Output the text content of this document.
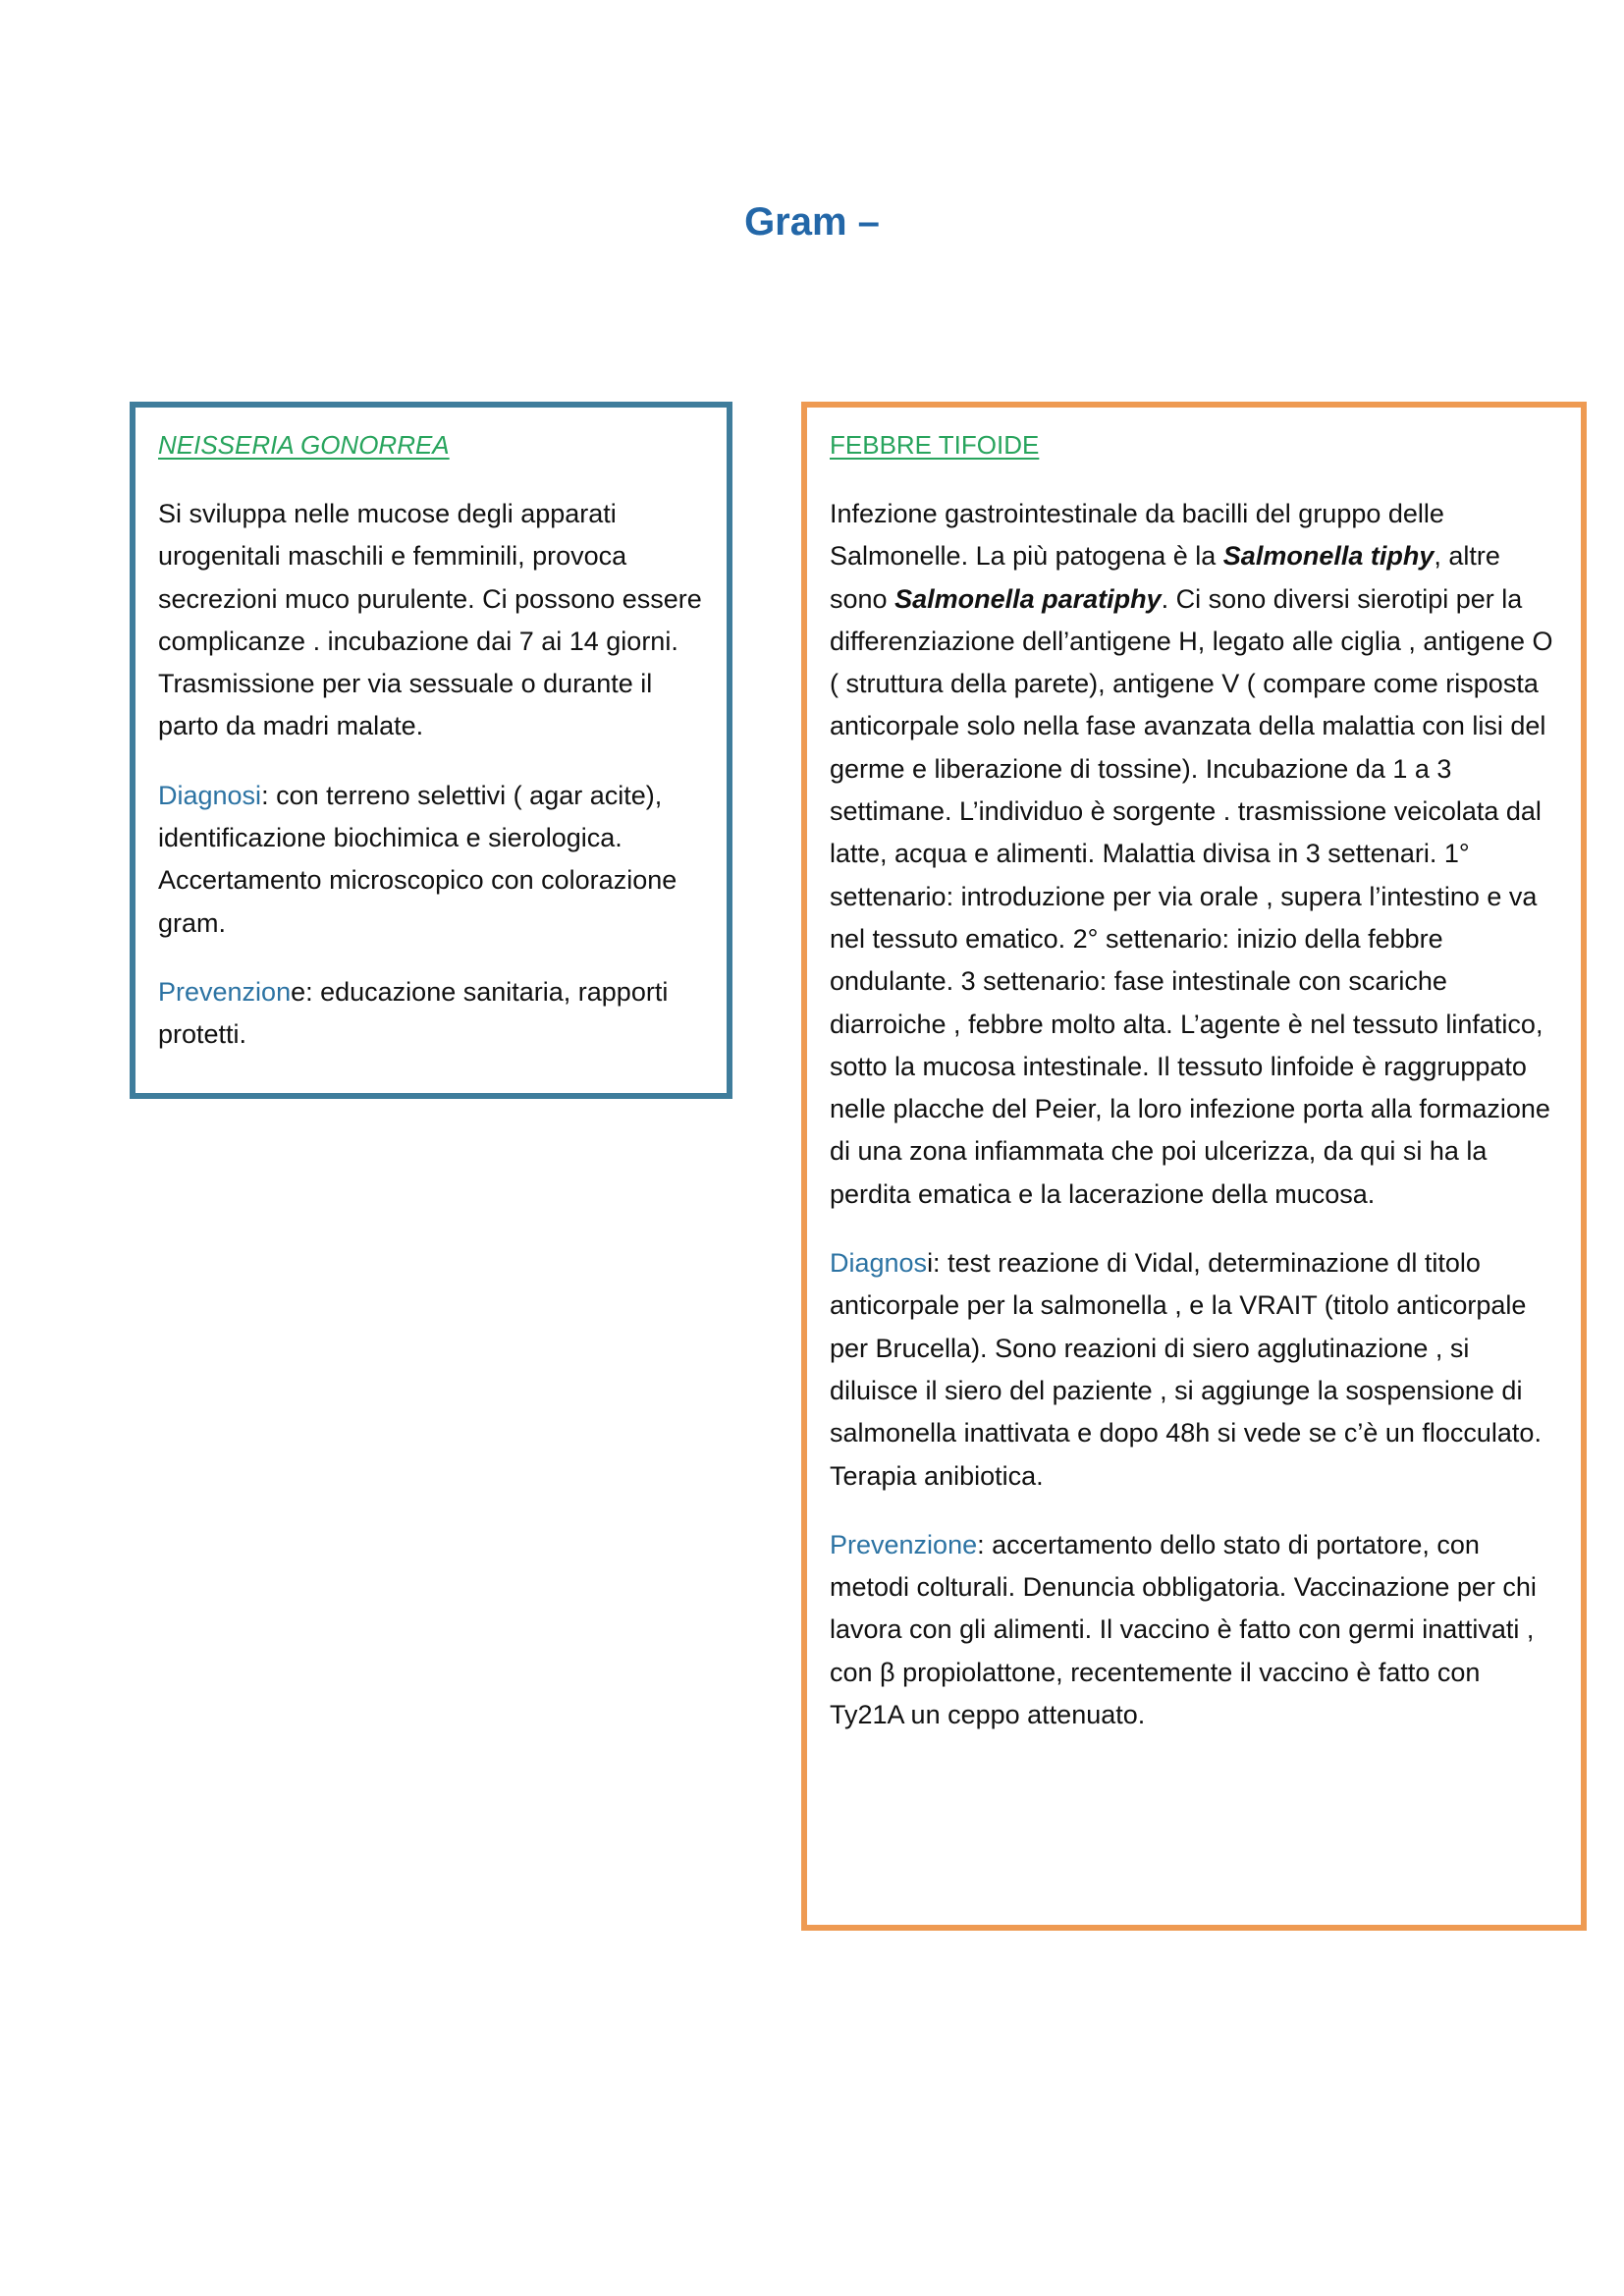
Gram –
NEISSERIA GONORREA

Si sviluppa nelle mucose degli apparati urogenitali maschili e femminili, provoca secrezioni muco purulente. Ci possono essere complicanze . incubazione dai 7 ai 14 giorni. Trasmissione per via sessuale o durante il parto da madri malate.

Diagnosi: con terreno selettivi ( agar acite), identificazione biochimica e sierologica. Accertamento microscopico con colorazione gram.

Prevenzione: educazione sanitaria, rapporti protetti.

FEBBRE TIFOIDE

Infezione gastrointestinale da bacilli del gruppo delle Salmonelle. La più patogena è la Salmonella tiphy, altre sono Salmonella paratiphy. Ci sono diversi sierotipi per la differenziazione dell’antigene H, legato alle ciglia , antigene O ( struttura della parete), antigene V ( compare come risposta anticorpale solo nella fase avanzata della malattia con lisi del germe e liberazione di tossine). Incubazione da 1 a 3 settimane. L’individuo è sorgente . trasmissione veicolata dal latte, acqua e alimenti. Malattia divisa in 3 settenari. 1° settenario: introduzione per via orale , supera l’intestino e va nel tessuto ematico. 2° settenario: inizio della febbre ondulante. 3 settenario: fase intestinale con scariche diarroiche , febbre molto alta. L’agente è nel tessuto linfatico, sotto la mucosa intestinale. Il tessuto linfoide è raggruppato nelle placche del Peier, la loro infezione porta alla formazione di una zona infiammata che poi ulcerizza, da qui si ha la perdita ematica e la lacerazione della mucosa.

Diagnosi: test reazione di Vidal, determinazione dl titolo anticorpale per la salmonella , e la VRAIT (titolo anticorpale per Brucella). Sono reazioni di siero agglutinazione , si diluisce il siero del paziente , si aggiunge la sospensione di salmonella inattivata e dopo 48h si vede se c’è un flocculato. Terapia anibiotica.

Prevenzione: accertamento dello stato di portatore, con metodi colturali. Denuncia obbligatoria. Vaccinazione per chi lavora con gli alimenti. Il vaccino è fatto con germi inattivati , con β propiolattone, recentemente il vaccino è fatto con Ty21A un ceppo attenuato.
